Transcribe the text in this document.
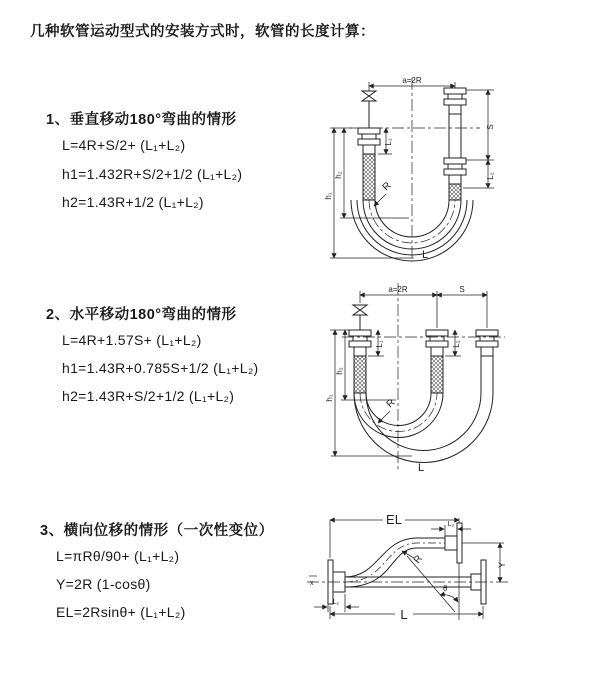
几种软管运动型式的安装方式时，软管的长度计算：
1、垂直移动180°弯曲的情形
L=4R+S/2+ (L₁+L₂)
h1=1.432R+S/2+1/2 (L₁+L₂)
h2=1.43R+1/2 (L₁+L₂)
a=2R
S
L₂
L₁
h₁
h₂
R
L
2、水平移动180°弯曲的情形
L=4R+1.57S+ (L₁+L₂)
h1=1.43R+0.785S+1/2 (L₁+L₂)
h2=1.43R+S/2+1/2 (L₁+L₂)
a=2R	S
h₁
h₂
L₁	L₂
R
L
3、横向位移的情形（一次性变位）
L=πRθ/90+ (L₁+L₂)
Y=2R (1-cosθ)
EL=2Rsinθ+ (L₁+L₂)
x
EL	L₂
Y
θ
R
L
L₁
